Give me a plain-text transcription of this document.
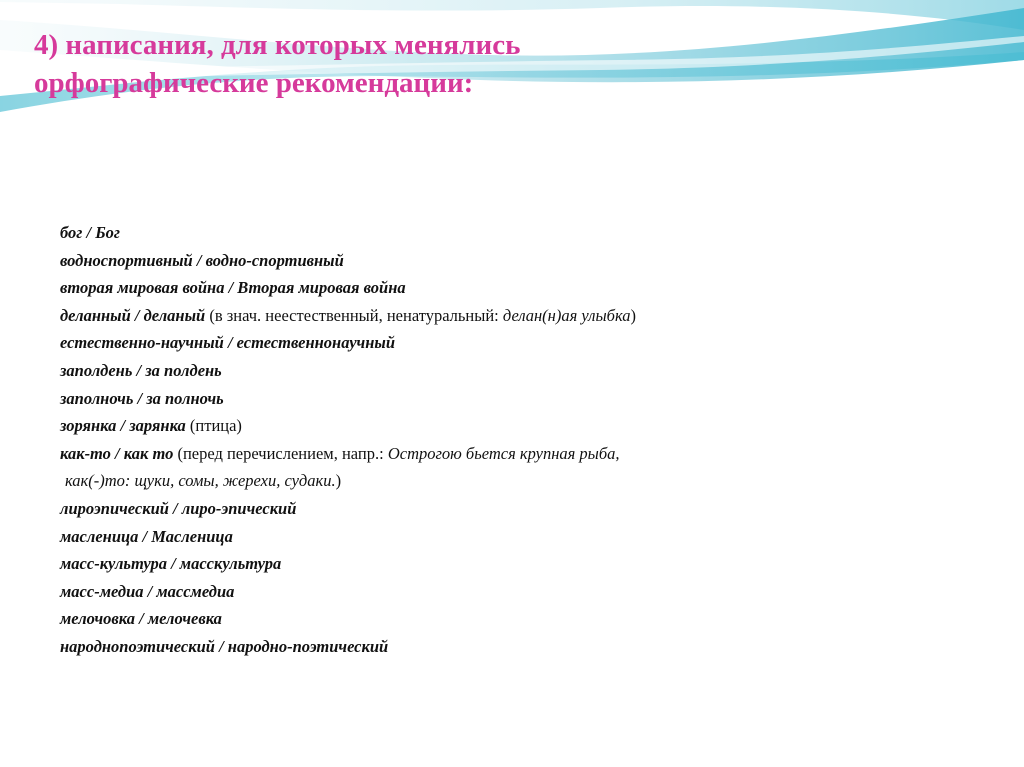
4) написания, для которых менялись
орфографические рекомендации:
бог / Бог
водноспортивный / водно-спортивный
вторая мировая война / Вторая мировая война
деланный / деланый (в знач. неестественный, ненатуральный: делан(н)ая улыбка)
естественно-научный / естественнонаучный
заполдень / за полдень
заполночь / за полночь
зорянка / зарянка (птица)
как-то / как то (перед перечислением, напр.: Острогою бьется крупная рыба,
как(-)то: щуки, сомы, жерехи, судаки.)
лироэпический / лиро-эпический
масленица / Масленица
масс-культура / масскультура
масс-медиа / массмедиа
мелочовка / мелочевка
народнопоэтический / народно-поэтический
